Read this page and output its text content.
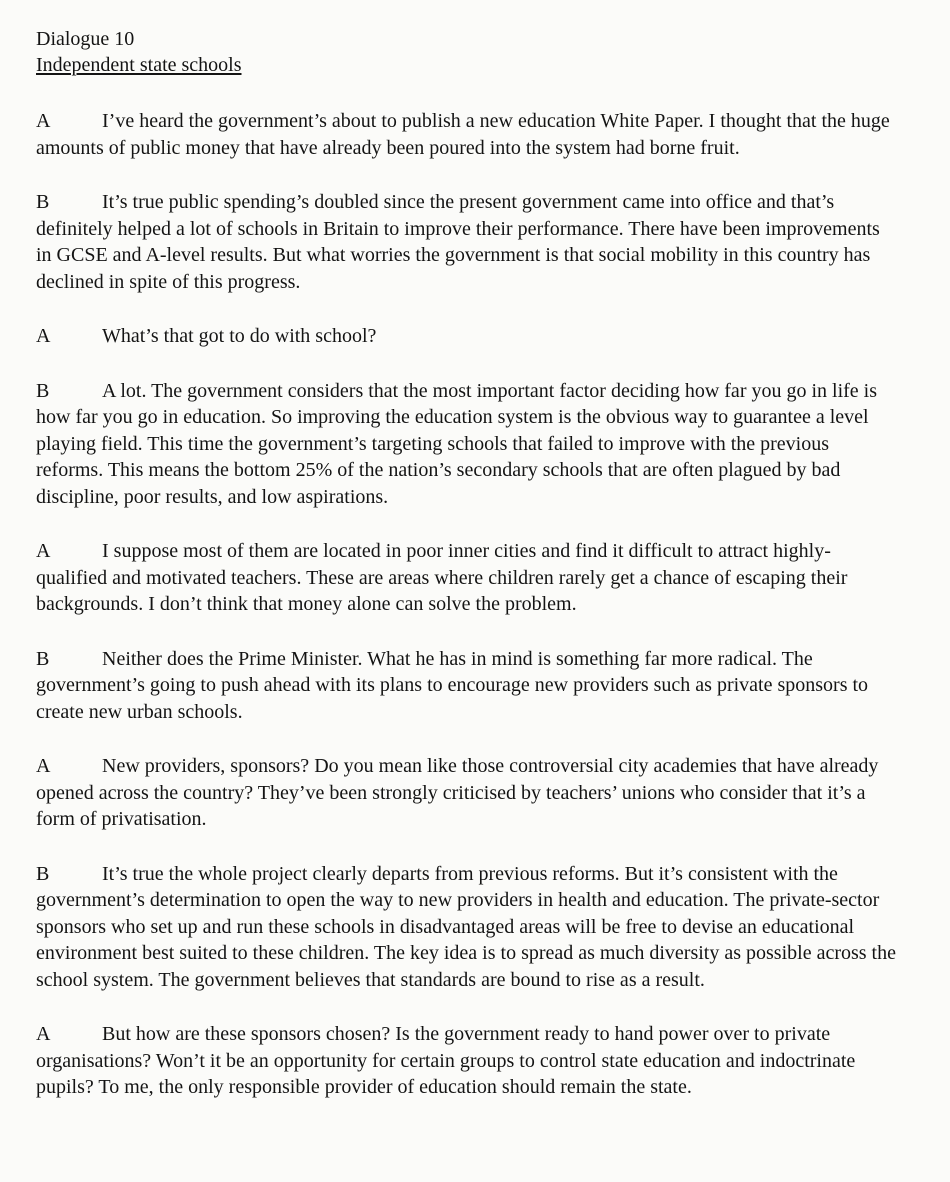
Dialogue 10
Independent state schools
A	I’ve heard the government’s about to publish a new education White Paper. I thought that the huge amounts of public money that have already been poured into the system had borne fruit.
B	It’s true public spending’s doubled since the present government came into office and that’s definitely helped a lot of schools in Britain to improve their performance. There have been improvements in GCSE and A-level results. But what worries the government is that social mobility in this country has declined in spite of this progress.
A	What’s that got to do with school?
B	A lot. The government considers that the most important factor deciding how far you go in life is how far you go in education. So improving the education system is the obvious way to guarantee a level playing field. This time the government’s targeting schools that failed to improve with the previous reforms. This means the bottom 25% of the nation’s secondary schools that are often plagued by bad discipline, poor results, and low aspirations.
A	I suppose most of them are located in poor inner cities and find it difficult to attract highly-qualified and motivated teachers. These are areas where children rarely get a chance of escaping their backgrounds. I don’t think that money alone can solve the problem.
B	Neither does the Prime Minister. What he has in mind is something far more radical. The government’s going to push ahead with its plans to encourage new providers such as private sponsors to create new urban schools.
A	New providers, sponsors? Do you mean like those controversial city academies that have already opened across the country? They’ve been strongly criticised by teachers’ unions who consider that it’s a form of privatisation.
B	It’s true the whole project clearly departs from previous reforms. But it’s consistent with the government’s determination to open the way to new providers in health and education. The private-sector sponsors who set up and run these schools in disadvantaged areas will be free to devise an educational environment best suited to these children. The key idea is to spread as much diversity as possible across the school system. The government believes that standards are bound to rise as a result.
A	But how are these sponsors chosen? Is the government ready to hand power over to private organisations? Won’t it be an opportunity for certain groups to control state education and indoctrinate pupils? To me, the only responsible provider of education should remain the state.
